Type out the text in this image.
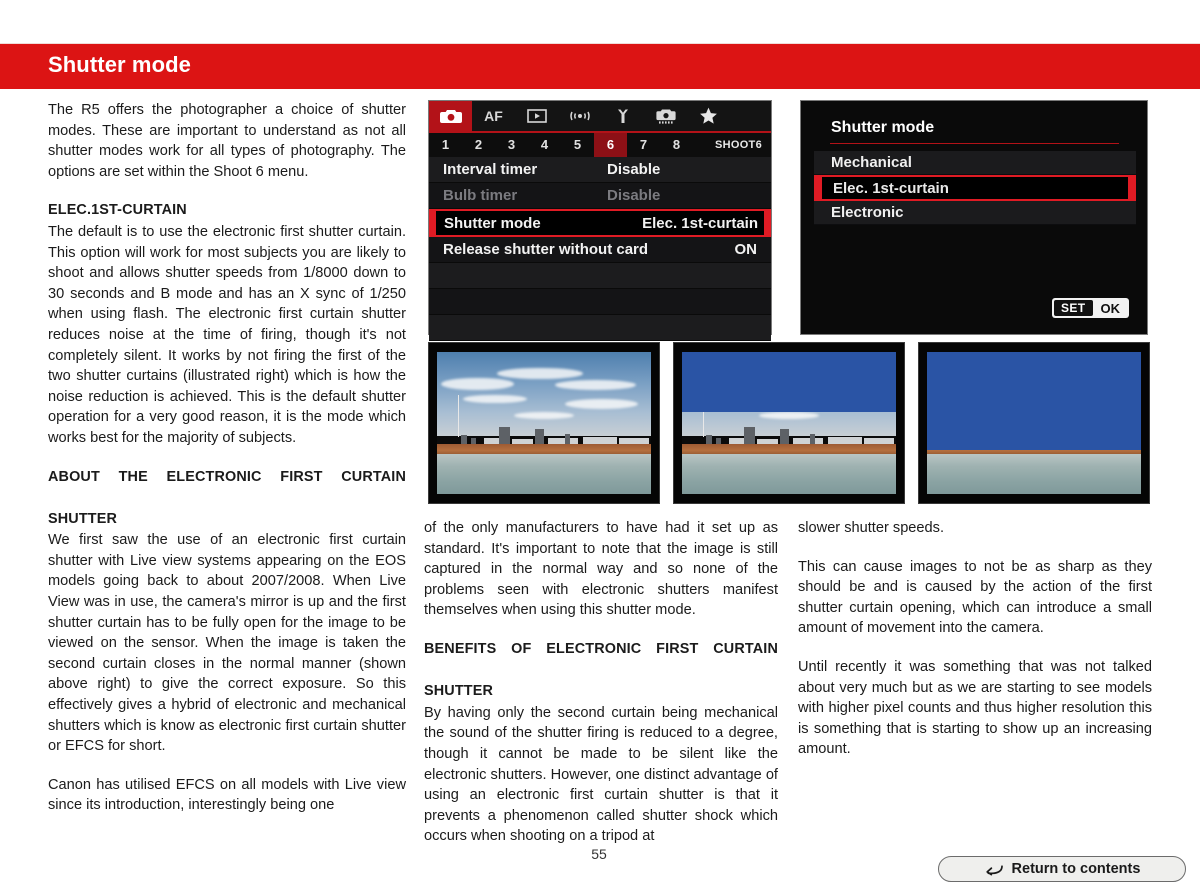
Shutter mode

The R5 offers the photographer a choice of shutter modes. These are important to understand as not all shutter modes work for all types of photography. The options are set within the Shoot 6 menu.

ELEC.1ST-CURTAIN

The default is to use the electronic first shutter curtain. This option will work for most subjects you are likely to shoot and allows shutter speeds from 1/8000 down to 30 seconds and B mode and has an X sync of 1/250 when using flash. The electronic first curtain shutter reduces noise at the time of firing, though it's not completely silent. It works by not firing the first of the two shutter curtains (illustrated right) which is how the noise reduction is achieved. This is the default shutter operation for a very good reason, it is the mode which works best for the majority of subjects.

ABOUT THE ELECTRONIC FIRST CURTAIN
SHUTTER

We first saw the use of an electronic first curtain shutter with Live view systems appearing on the EOS models going back to about 2007/2008. When Live View was in use, the camera's mirror is up and the first shutter curtain has to be fully open for the image to be viewed on the sensor. When the image is taken the second curtain closes in the normal manner (shown above right) to give the correct exposure. So this effectively gives a hybrid of electronic and mechanical shutters which is know as electronic first curtain shutter or EFCS for short.

Canon has utilised EFCS on all models with Live view since its introduction, interestingly being one

of the only manufacturers to have had it set up as standard. It's important to note that the image is still captured in the normal way and so none of the problems seen with electronic shutters manifest themselves when using this shutter mode.

BENEFITS OF ELECTRONIC FIRST CURTAIN
SHUTTER

By having only the second curtain being mechanical the sound of the shutter firing is reduced to a degree, though it cannot be made to be silent like the electronic shutters. However, one distinct advantage of using an electronic first curtain shutter is that it prevents a phenomenon called shutter shock which occurs when shooting on a tripod at

slower shutter speeds.

This can cause images to not be as sharp as they should be and is caused by the action of the first shutter curtain opening, which can introduce a small amount of movement into the camera.

Until recently it was something that was not talked about very much but as we are starting to see models with higher pixel counts and thus higher resolution this is something that is starting to show up an increasing amount.

AF
1	2	3	4	5	6	7	8	SHOOT6
Interval timer	Disable
Bulb timer	Disable
Shutter mode	Elec. 1st-curtain
Release shutter without card	ON
Shutter mode
Mechanical
Elec. 1st-curtain
Electronic
SET	OK
55
Return to contents
